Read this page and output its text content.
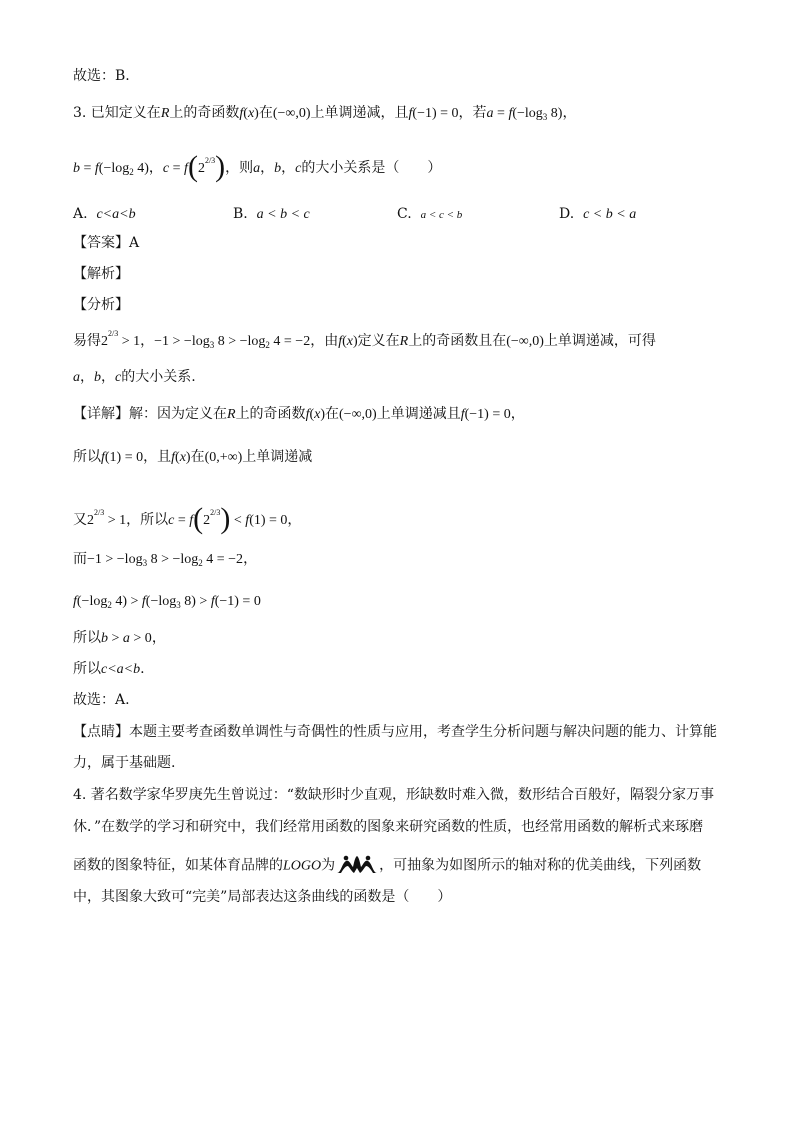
故选：B.
3. 已知定义在R上的奇函数f(x)在(−∞,0)上单调递减，且f(−1) = 0，若$a = f(-\log_3$ 8)，
$b = f(-\log_2$ 4)，$c = f(2^{2/3})$，则a，b，c的大小关系是（　　）
A. c<a<b	B. a < b < c	C. a < c < b	D. c < b < a
【答案】A
【解析】
【分析】
易得$2^{2/3} > 1$，$-1 > -\log_3$ $8 > -\log_2$ 4 = −2，由f(x)定义在R上的奇函数且在(−∞,0)上单调递减，可得
a，b，c的大小关系.
【详解】解：因为定义在R上的奇函数f(x)在(−∞,0)上单调递减且f(−1) = 0，
所以f(1) = 0，且f(x)在(0,+∞)上单调递减
又$2^{2/3} > 1$，所以$c = f(2^{2/3}) < f(1) = 0$，
而$-1 > -\log_3$ $8 > -\log_2$ 4 = −2，
$f(-\log_2$ $4) > f(-\log_3$ 8) > f(−1) = 0
所以b > a > 0，
所以c<a<b.
故选：A.
【点睛】本题主要考查函数单调性与奇偶性的性质与应用，考查学生分析问题与解决问题的能力、计算能
力，属于基础题.
4. 著名数学家华罗庚先生曾说过：“数缺形时少直观，形缺数时难入微，数形结合百般好，隔裂分家万事
休．”在数学的学习和研究中，我们经常用函数的图象来研究函数的性质，也经常用函数的解析式来琢磨
函数的图象特征，如某体育品牌的LOGO为	，可抽象为如图所示的轴对称的优美曲线，下列函数
中，其图象大致可“完美”局部表达这条曲线的函数是（　　）
